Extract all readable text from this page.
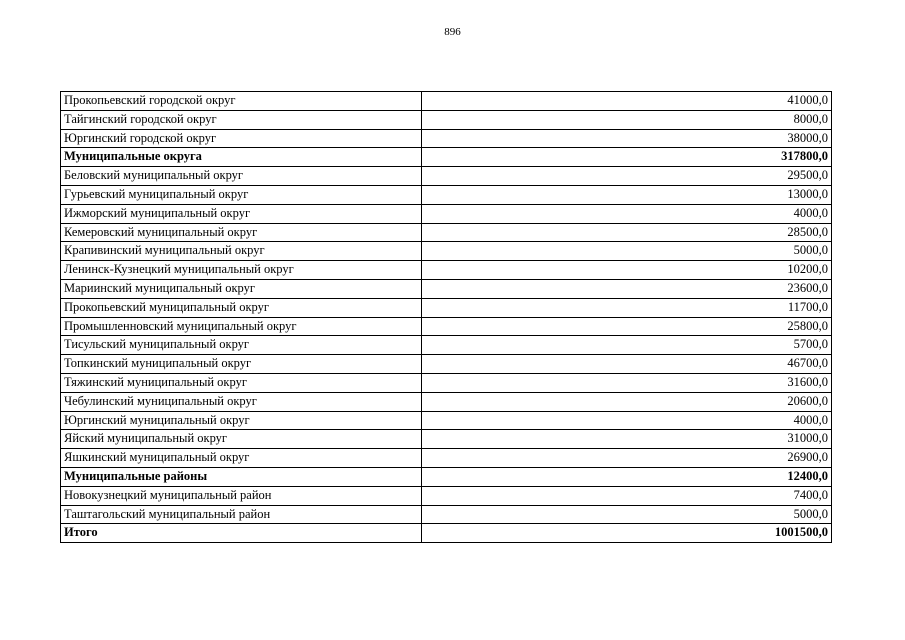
896
Прокопьевский городской округ	41000,0
Тайгинский городской округ	8000,0
Юргинский городской округ	38000,0
Муниципальные округа	317800,0
Беловский муниципальный округ	29500,0
Гурьевский муниципальный округ	13000,0
Ижморский муниципальный округ	4000,0
Кемеровский муниципальный округ	28500,0
Крапивинский муниципальный округ	5000,0
Ленинск-Кузнецкий муниципальный округ	10200,0
Мариинский муниципальный округ	23600,0
Прокопьевский муниципальный округ	11700,0
Промышленновский муниципальный округ	25800,0
Тисульский муниципальный округ	5700,0
Топкинский муниципальный округ	46700,0
Тяжинский муниципальный округ	31600,0
Чебулинский муниципальный округ	20600,0
Юргинский муниципальный округ	4000,0
Яйский муниципальный округ	31000,0
Яшкинский муниципальный округ	26900,0
Муниципальные районы	12400,0
Новокузнецкий муниципальный район	7400,0
Таштагольский муниципальный район	5000,0
Итого	1001500,0
